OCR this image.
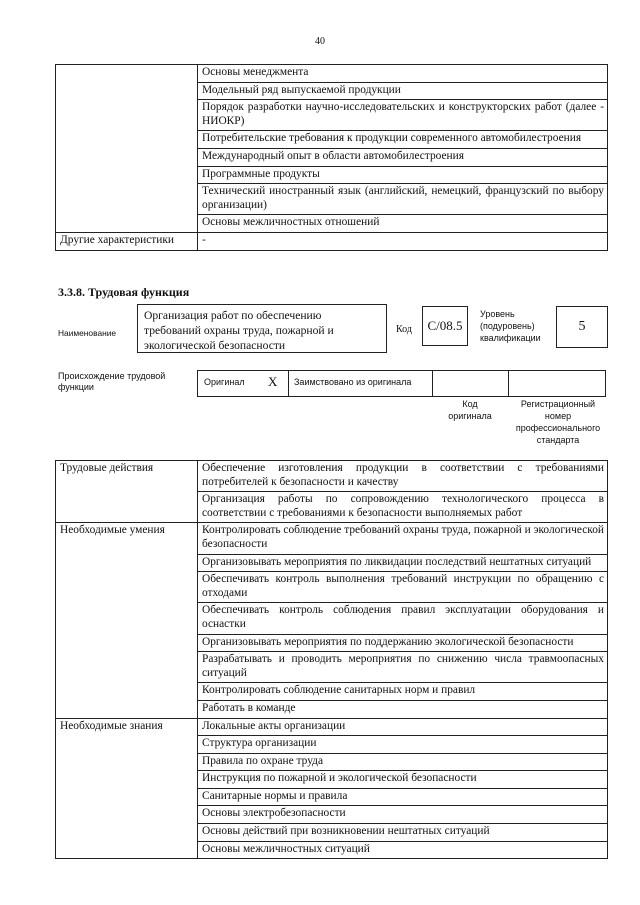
40
	Основы менеджмента
	Модельный ряд выпускаемой продукции
	Порядок разработки научно-исследовательских и конструкторских работ (далее - НИОКР)
	Потребительские требования к продукции современного автомобилестроения
	Международный опыт в области автомобилестроения
	Программные продукты
	Технический иностранный язык (английский, немецкий, французский по выбору организации)
	Основы межличностных отношений
Другие характеристики	-
3.3.8. Трудовая функция
Наименование
Организация работ по обеспечению требований охраны труда, пожарной и экологической безопасности
Код	C/08.5
Уровень (подуровень) квалификации
5
Происхождение трудовой функции	Оригинал X Заимствовано из оригинала
Код оригинала
Регистрационный номер профессионального стандарта
Трудовые действия	Обеспечение изготовления продукции в соответствии с требованиями потребителей к безопасности и качеству
	Организация работы по сопровождению технологического процесса в соответствии с требованиями к безопасности выполняемых работ
Необходимые умения	Контролировать соблюдение требований охраны труда, пожарной и экологической безопасности
	Организовывать мероприятия по ликвидации последствий нештатных ситуаций
	Обеспечивать контроль выполнения требований инструкции по обращению с отходами
	Обеспечивать контроль соблюдения правил эксплуатации оборудования и оснастки
	Организовывать мероприятия по поддержанию экологической безопасности
	Разрабатывать и проводить мероприятия по снижению числа травмоопасных ситуаций
	Контролировать соблюдение санитарных норм и правил
	Работать в команде
Необходимые знания	Локальные акты организации
	Структура организации
	Правила по охране труда
	Инструкция по пожарной и экологической безопасности
	Санитарные нормы и правила
	Основы электробезопасности
	Основы действий при возникновении нештатных ситуаций
	Основы межличностных ситуаций
